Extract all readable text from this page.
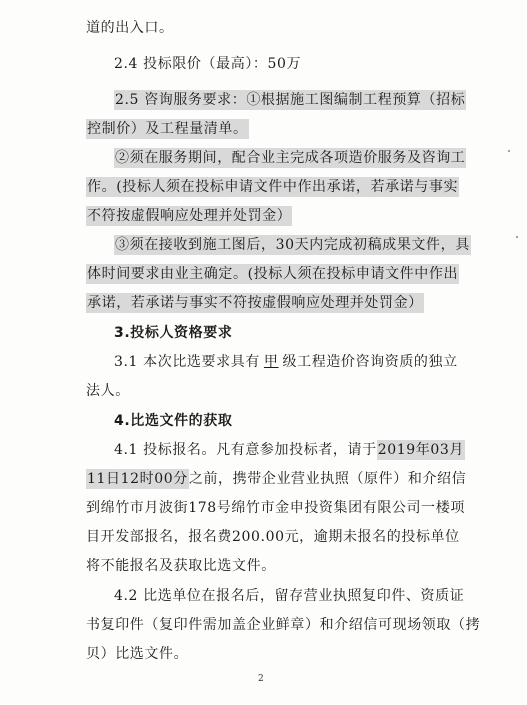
道的出入口。
2.4 投标限价（最高）：50万
2.5 咨询服务要求：①根据施工图编制工程预算（招标
控制价）及工程量清单。
②须在服务期间，配合业主完成各项造价服务及咨询工
作。(投标人须在投标申请文件中作出承诺，若承诺与事实
不符按虚假响应处理并处罚金）
③须在接收到施工图后，30天内完成初稿成果文件，具
体时间要求由业主确定。(投标人须在投标申请文件中作出
承诺，若承诺与事实不符按虚假响应处理并处罚金）
3.投标人资格要求
3.1 本次比选要求具有 甲 级工程造价咨询资质的独立
法人。
4.比选文件的获取
4.1 投标报名。凡有意参加投标者，请于2019年03月
11日12时00分之前，携带企业营业执照（原件）和介绍信
到绵竹市月波街178号绵竹市金申投资集团有限公司一楼项
目开发部报名，报名费200.00元，逾期未报名的投标单位
将不能报名及获取比选文件。
4.2 比选单位在报名后，留存营业执照复印件、资质证
书复印件（复印件需加盖企业鲜章）和介绍信可现场领取（拷
贝）比选文件。
2
